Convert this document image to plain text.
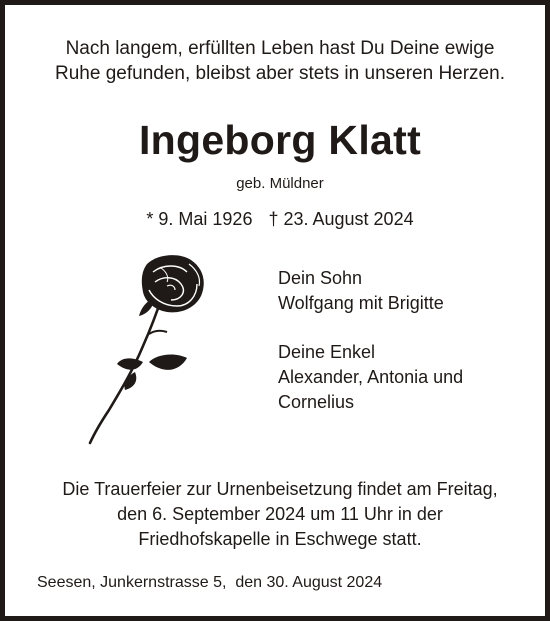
Nach langem, erfüllten Leben hast Du Deine ewige
Ruhe gefunden, bleibst aber stets in unseren Herzen.
Ingeborg Klatt
geb. Müldner
* 9. Mai 1926 † 23. August 2024
Dein Sohn
Wolfgang mit Brigitte
Deine Enkel
Alexander, Antonia und
Cornelius
Die Trauerfeier zur Urnenbeisetzung findet am Freitag,
den 6. September 2024 um 11 Uhr in der
Friedhofskapelle in Eschwege statt.
Seesen, Junkernstrasse 5,  den 30. August 2024
